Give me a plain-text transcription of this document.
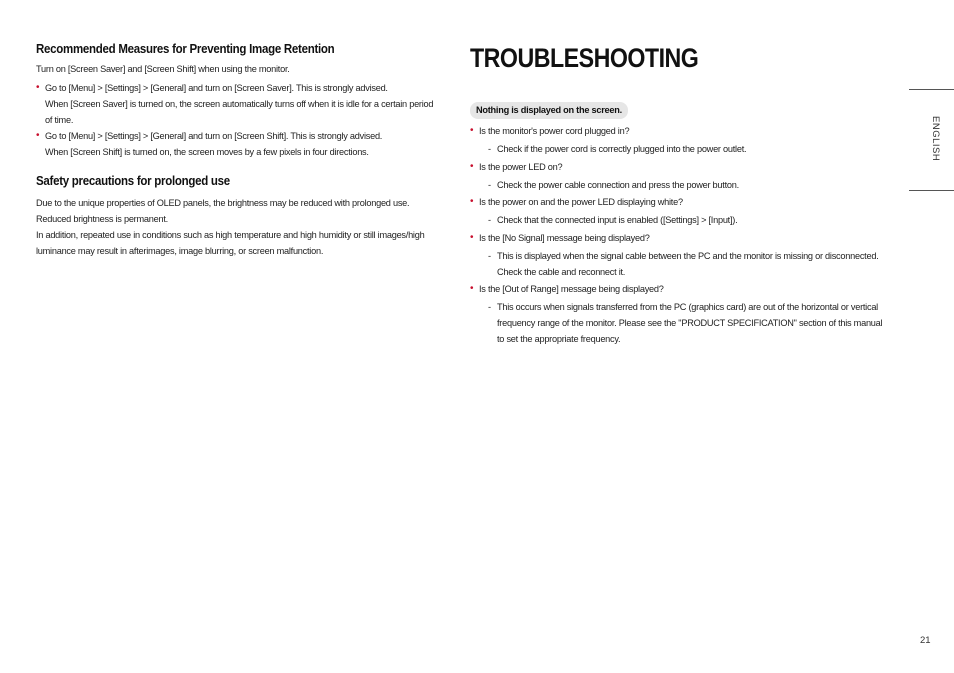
Recommended Measures for Preventing Image Retention

Turn on [Screen Saver] and [Screen Shift] when using the monitor.

• Go to [Menu] > [Settings] > [General] and turn on [Screen Saver]. This is strongly advised.
When [Screen Saver] is turned on, the screen automatically turns off when it is idle for a certain period of time.
• Go to [Menu] > [Settings] > [General] and turn on [Screen Shift]. This is strongly advised.
When [Screen Shift] is turned on, the screen moves by a few pixels in four directions.
Safety precautions for prolonged use

Due to the unique properties of OLED panels, the brightness may be reduced with prolonged use. Reduced brightness is permanent.

In addition, repeated use in conditions such as high temperature and high humidity or still images/high luminance may result in afterimages, image blurring, or screen malfunction.

TROUBLESHOOTING
Nothing is displayed on the screen.
• Is the monitor's power cord plugged in?
- Check if the power cord is correctly plugged into the power outlet.
• Is the power LED on?
- Check the power cable connection and press the power button.
• Is the power on and the power LED displaying white?
- Check that the connected input is enabled ([Settings] > [Input]).
• Is the [No Signal] message being displayed?
- This is displayed when the signal cable between the PC and the monitor is missing or disconnected. Check the cable and reconnect it.
• Is the [Out of Range] message being displayed?
- This occurs when signals transferred from the PC (graphics card) are out of the horizontal or vertical frequency range of the monitor. Please see the "PRODUCT SPECIFICATION" section of this manual to set the appropriate frequency.
ENGLISH
21
